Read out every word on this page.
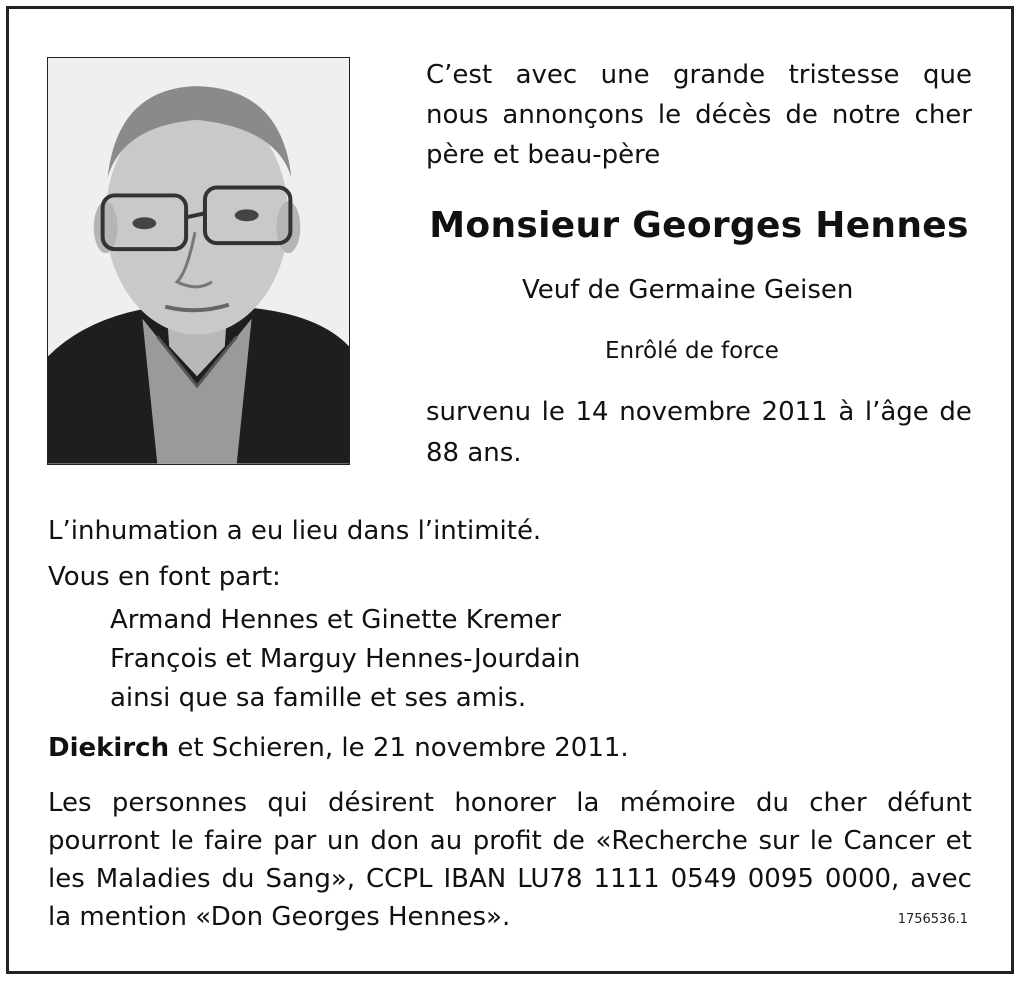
C’est avec une grande tristesse que
nous annonçons le décès de notre cher
père et beau-père
Monsieur Georges Hennes
Veuf de Germaine Geisen
Enrôlé de force
survenu le 14 novembre 2011 à l’âge de
88 ans.
L’inhumation a eu lieu dans l’intimité.
Vous en font part:
Armand Hennes et Ginette Kremer
François et Marguy Hennes-Jourdain
ainsi que sa famille et ses amis.
Diekirch et Schieren, le 21 novembre 2011.
Les personnes qui désirent honorer la mémoire du cher défunt
pourront le faire par un don au profit de «Recherche sur le Cancer et
les Maladies du Sang», CCPL IBAN LU78 1111 0549 0095 0000, avec
la mention «Don Georges Hennes».	1756536.1
